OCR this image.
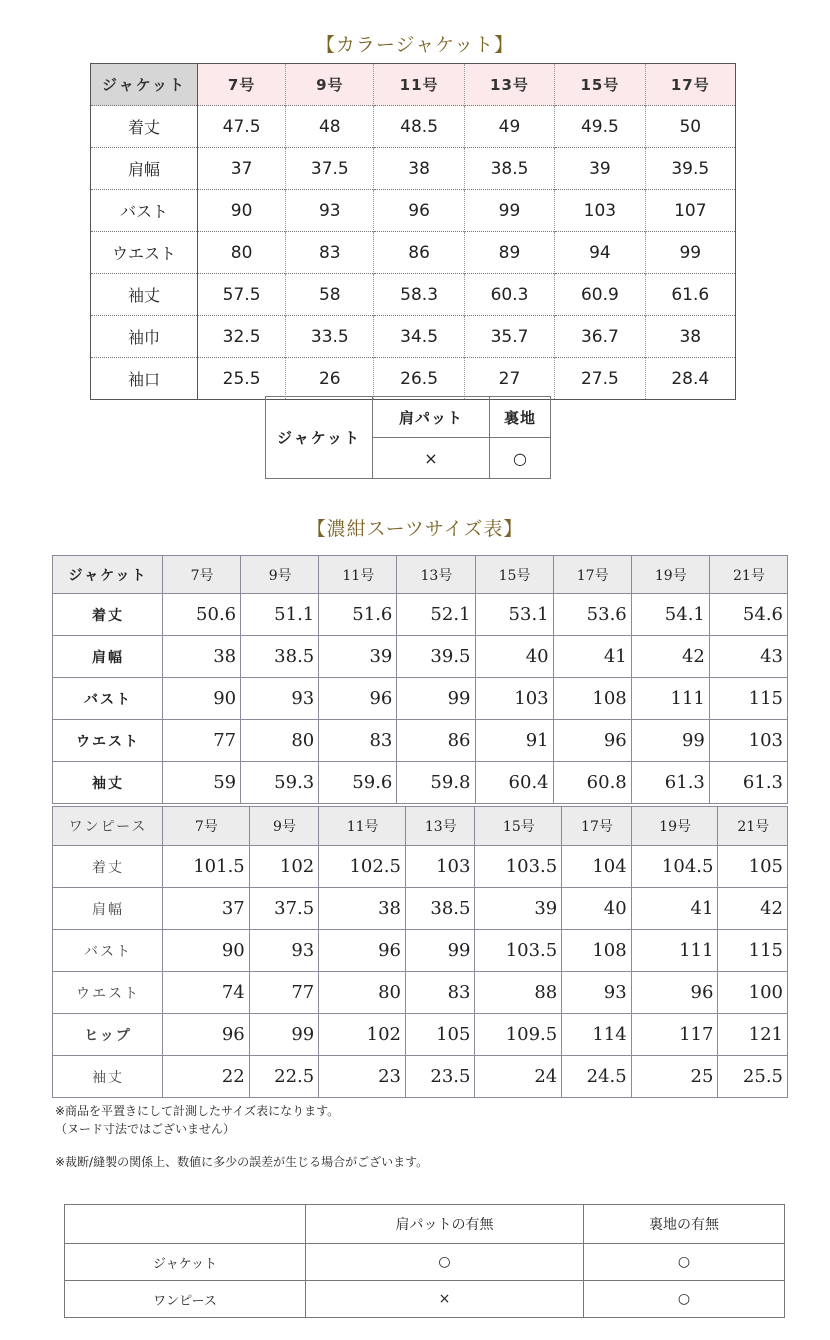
【カラージャケット】
ジャケット	7号	9号	11号	13号	15号	17号
着丈	47.5	48	48.5	49	49.5	50
肩幅	37	37.5	38	38.5	39	39.5
バスト	90	93	96	99	103	107
ウエスト	80	83	86	89	94	99
袖丈	57.5	58	58.3	60.3	60.9	61.6
袖巾	32.5	33.5	34.5	35.7	36.7	38
袖口	25.5	26	26.5	27	27.5	28.4
ジャケット	肩パット	裏地
	×	○
【濃紺スーツサイズ表】
ジャケット	7号	9号	11号	13号	15号	17号	19号	21号
着丈	50.6	51.1	51.6	52.1	53.1	53.6	54.1	54.6
肩幅	38	38.5	39	39.5	40	41	42	43
バスト	90	93	96	99	103	108	111	115
ウエスト	77	80	83	86	91	96	99	103
袖丈	59	59.3	59.6	59.8	60.4	60.8	61.3	61.3
ワンピース	7号	9号	11号	13号	15号	17号	19号	21号
着丈	101.5	102	102.5	103	103.5	104	104.5	105
肩幅	37	37.5	38	38.5	39	40	41	42
バスト	90	93	96	99	103.5	108	111	115
ウエスト	74	77	80	83	88	93	96	100
ヒップ	96	99	102	105	109.5	114	117	121
袖丈	22	22.5	23	23.5	24	24.5	25	25.5
※商品を平置きにして計測したサイズ表になります。
（ヌード寸法ではございません）
※裁断/縫製の関係上、数値に多少の誤差が生じる場合がございます。
	肩パットの有無	裏地の有無
ジャケット	○	○
ワンピース	×	○
